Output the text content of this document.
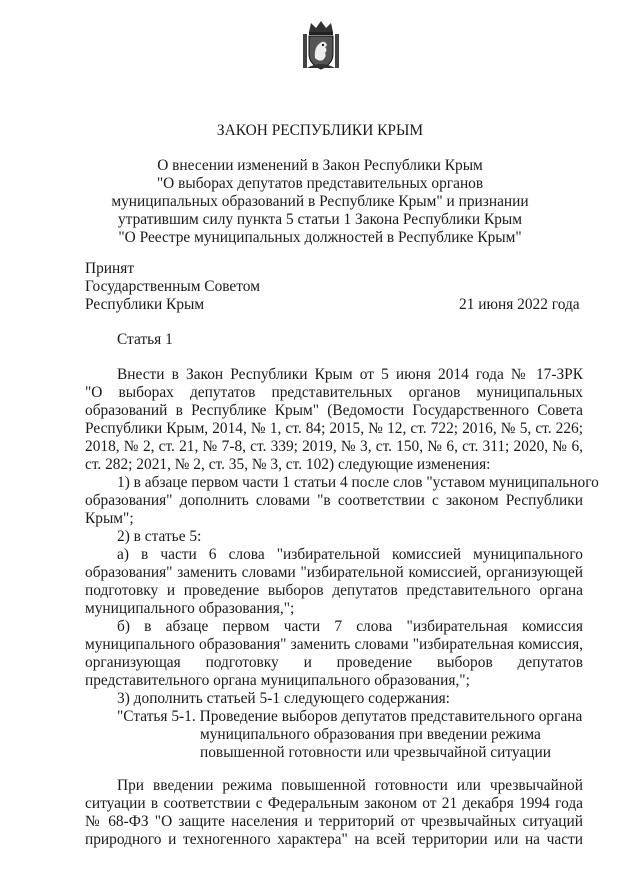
ЗАКОН РЕСПУБЛИКИ КРЫМ
О внесении изменений в Закон Республики Крым
"О выборах депутатов представительных органов
муниципальных образований в Республике Крым" и признании
утратившим силу пункта 5 статьи 1 Закона Республики Крым
"О Реестре муниципальных должностей в Республике Крым"
Принят
Государственным Советом
Республики Крым	21 июня 2022 года
Статья 1
Внести в Закон Республики Крым от 5 июня 2014 года № 17-ЗРК
"О выборах депутатов представительных органов муниципальных
образований в Республике Крым" (Ведомости Государственного Совета
Республики Крым, 2014, № 1, ст. 84; 2015, № 12, ст. 722; 2016, № 5, ст. 226;
2018, № 2, ст. 21, № 7-8, ст. 339; 2019, № 3, ст. 150, № 6, ст. 311; 2020, № 6,
ст. 282; 2021, № 2, ст. 35, № 3, ст. 102) следующие изменения:
1) в абзаце первом части 1 статьи 4 после слов "уставом муниципального
образования" дополнить словами "в соответствии с законом Республики
Крым";
2) в статье 5:
а) в части 6 слова "избирательной комиссией муниципального
образования" заменить словами "избирательной комиссией, организующей
подготовку и проведение выборов депутатов представительного органа
муниципального образования,";
б) в абзаце первом части 7 слова "избирательная комиссия
муниципального образования" заменить словами "избирательная комиссия,
организующая подготовку и проведение выборов депутатов
представительного органа муниципального образования,";
3) дополнить статьей 5-1 следующего содержания:
"Статья 5-1. Проведение выборов депутатов представительного органа
муниципального образования при введении режима
повышенной готовности или чрезвычайной ситуации
При введении режима повышенной готовности или чрезвычайной
ситуации в соответствии с Федеральным законом от 21 декабря 1994 года
№ 68-ФЗ "О защите населения и территорий от чрезвычайных ситуаций
природного и техногенного характера" на всей территории или на части
